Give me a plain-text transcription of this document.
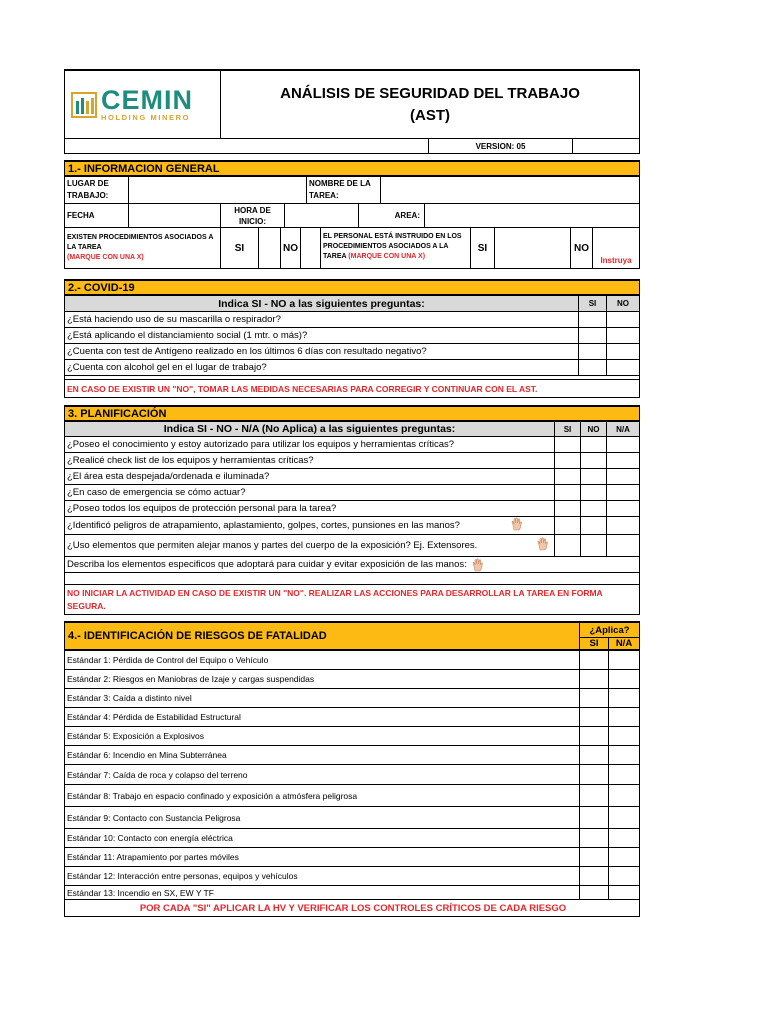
CEMIN
HOLDING MINERO
ANÁLISIS DE SEGURIDAD DEL TRABAJO
(AST)
VERSION: 05
1.- INFORMACION GENERAL
LUGAR DE TRABAJO:
NOMBRE DE LA TAREA:
FECHA
HORA DE INICIO:
AREA:
EXISTEN PROCEDIMIENTOS ASOCIADOS A LA TAREA
(MARQUE CON UNA X)
SI	NO
EL PERSONAL ESTÁ INSTRUIDO EN LOS PROCEDIMIENTOS ASOCIADOS A LA TAREA (MARQUE CON UNA X)
SI	NO
Instruya
2.- COVID-19
Indica SI - NO a las siguientes preguntas:	SI	NO
¿Está haciendo uso de su mascarilla o respirador?
¿Está aplicando el distanciamiento social (1 mtr. o más)?
¿Cuenta con test de Antígeno realizado en los últimos 6 días con resultado negativo?
¿Cuenta con alcohol gel en el lugar de trabajo?
EN CASO DE EXISTIR UN "NO", TOMAR LAS MEDIDAS NECESARIAS PARA CORREGIR Y CONTINUAR CON EL AST.
3. PLANIFICACIÓN
Indica SI - NO - N/A (No Aplica) a las siguientes preguntas:	SI	NO	N/A
¿Poseo el conocimiento y estoy autorizado para utilizar los equipos y herramientas críticas?
¿Realicé check list de los equipos y herramientas críticas?
¿El área esta despejada/ordenada e iluminada?
¿En caso de emergencia se cómo actuar?
¿Poseo todos los equipos de protección personal para la tarea?
¿Identificó peligros de atrapamiento, aplastamiento, golpes, cortes, punsiones en las manos?
¿Uso elementos que permiten alejar manos y partes del cuerpo de la exposición? Ej. Extensores.
Describa los elementos especificos que adoptará para cuidar y evitar exposición de las manos:
NO INICIAR LA ACTIVIDAD EN CASO DE EXISTIR UN "NO". REALIZAR LAS ACCIONES PARA DESARROLLAR LA TAREA EN FORMA SEGURA.
4.- IDENTIFICACIÓN DE RIESGOS DE FATALIDAD	¿Aplica?
SI	N/A
Estándar 1: Pérdida de Control del Equipo o Vehículo
Estándar 2: Riesgos en Maniobras de Izaje y cargas suspendidas
Estándar 3: Caída a distinto nivel
Estándar 4: Pérdida de Estabilidad Estructural
Estándar 5: Exposición a Explosivos
Estándar 6: Incendio en Mina Subterránea
Estándar 7: Caída de roca y colapso del terreno
Estándar 8: Trabajo en espacio confinado y exposición a atmósfera peligrosa
Estándar 9: Contacto con Sustancia Peligrosa
Estándar 10: Contacto con energía eléctrica
Estándar 11: Atrapamiento por partes móviles
Estándar 12: Interacción entre personas, equipos y vehículos
Estándar 13: Incendio en SX, EW Y TF
POR CADA "SI" APLICAR LA HV Y VERIFICAR LOS CONTROLES CRÍTICOS DE CADA RIESGO
